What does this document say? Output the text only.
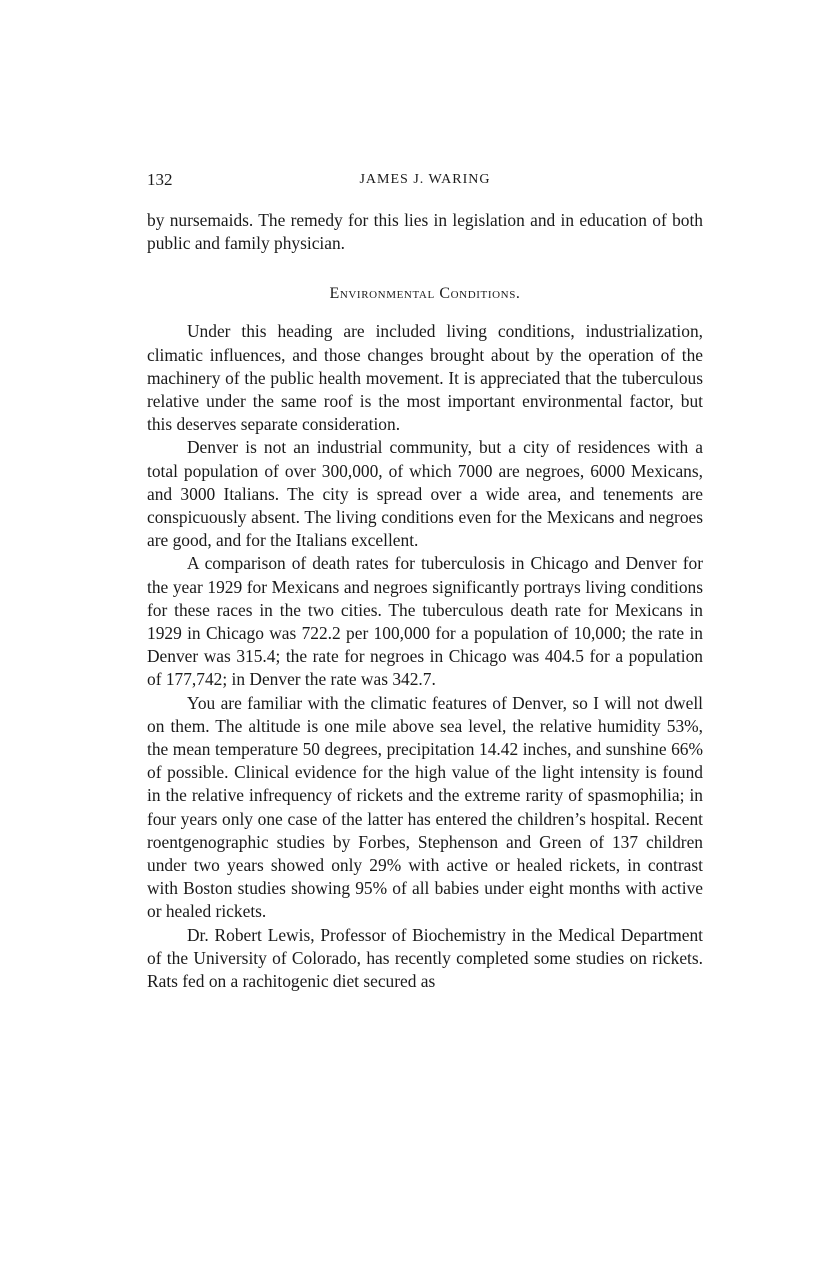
132	JAMES J. WARING

by nursemaids. The remedy for this lies in legislation and in education of both public and family physician.

Environmental Conditions.

Under this heading are included living conditions, industrialization, climatic influences, and those changes brought about by the operation of the machinery of the public health movement. It is appreciated that the tuberculous relative under the same roof is the most important environmental factor, but this deserves separate consideration.

Denver is not an industrial community, but a city of residences with a total population of over 300,000, of which 7000 are negroes, 6000 Mexicans, and 3000 Italians. The city is spread over a wide area, and tenements are conspicuously absent. The living conditions even for the Mexicans and negroes are good, and for the Italians excellent.

A comparison of death rates for tuberculosis in Chicago and Denver for the year 1929 for Mexicans and negroes significantly portrays living conditions for these races in the two cities. The tuberculous death rate for Mexicans in 1929 in Chicago was 722.2 per 100,000 for a population of 10,000; the rate in Denver was 315.4; the rate for negroes in Chicago was 404.5 for a population of 177,742; in Denver the rate was 342.7.

You are familiar with the climatic features of Denver, so I will not dwell on them. The altitude is one mile above sea level, the relative humidity 53%, the mean temperature 50 degrees, precipitation 14.42 inches, and sunshine 66% of possible. Clinical evidence for the high value of the light intensity is found in the relative infrequency of rickets and the extreme rarity of spasmophilia; in four years only one case of the latter has entered the children’s hospital. Recent roentgenographic studies by Forbes, Stephenson and Green of 137 children under two years showed only 29% with active or healed rickets, in contrast with Boston studies showing 95% of all babies under eight months with active or healed rickets.

Dr. Robert Lewis, Professor of Biochemistry in the Medical Department of the University of Colorado, has recently completed some studies on rickets. Rats fed on a rachitogenic diet secured as
